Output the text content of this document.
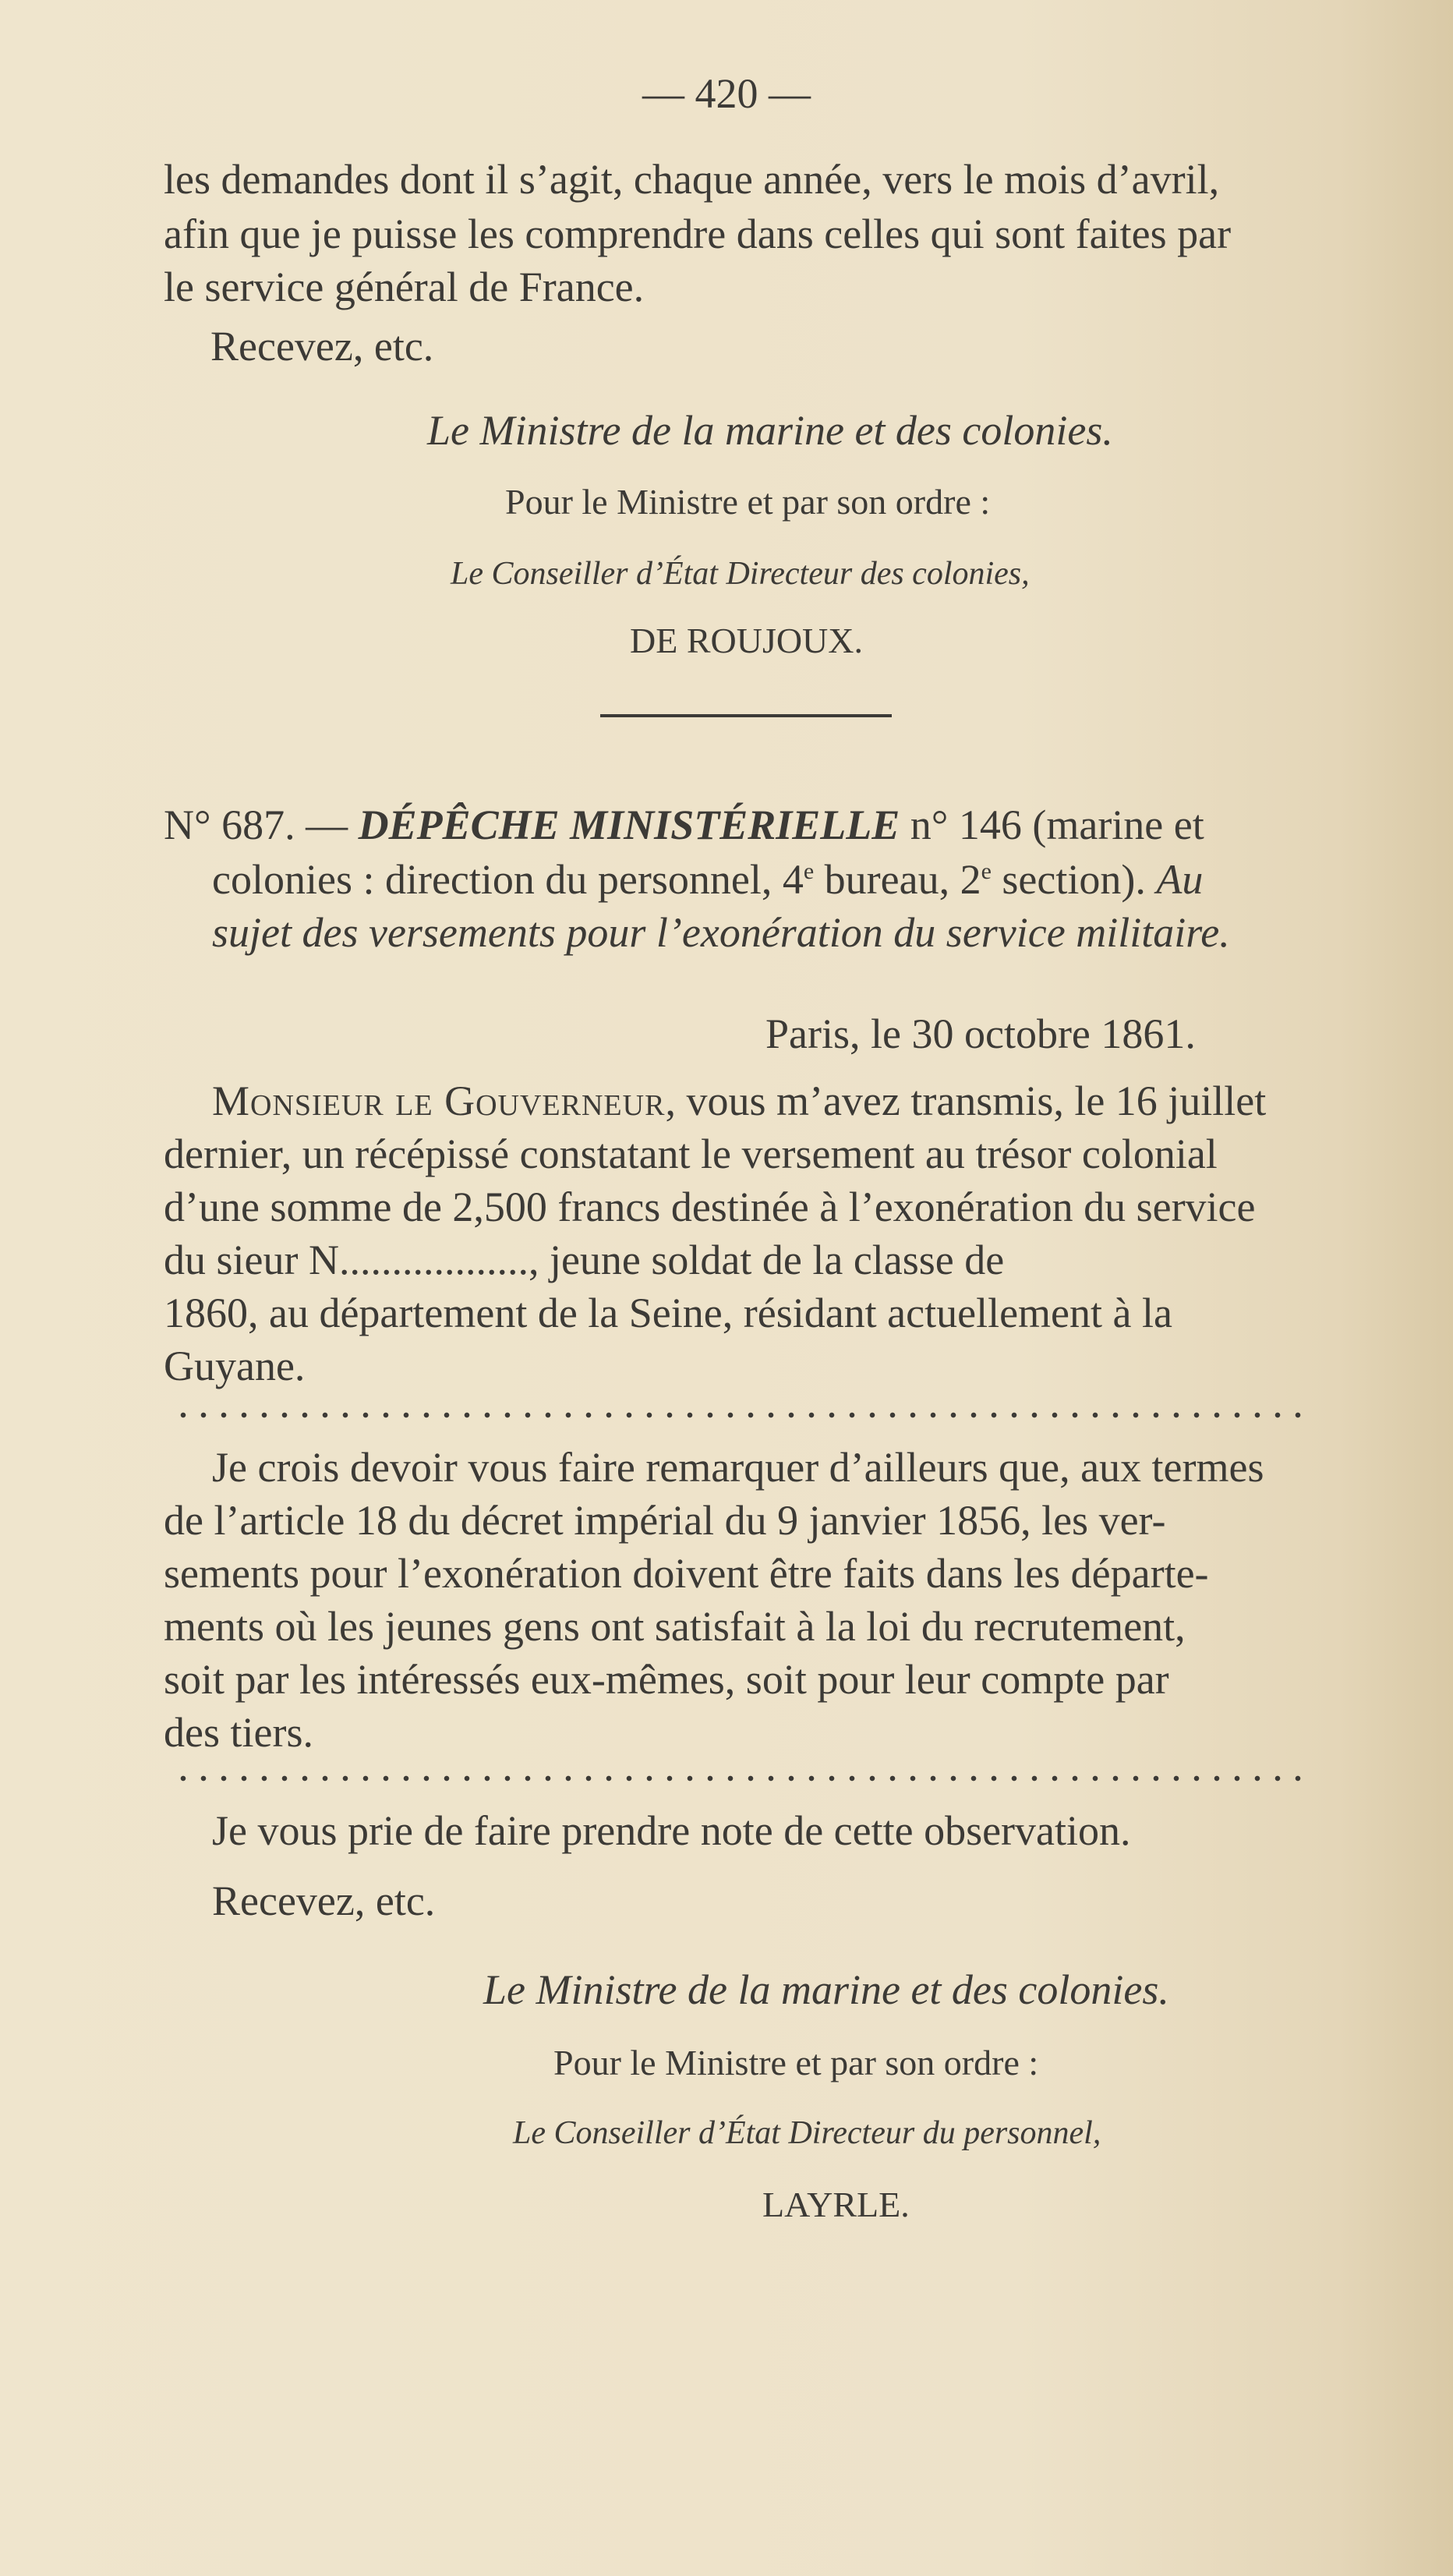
— 420 —
les demandes dont il s’agit, chaque année, vers le mois d’avril,
afin que je puisse les comprendre dans celles qui sont faites par
le service général de France.
Recevez, etc.
Le Ministre de la marine et des colonies.
Pour le Ministre et par son ordre :
Le Conseiller d’État Directeur des colonies,
DE ROUJOUX.
N° 687. — DÉPÊCHE MINISTÉRIELLE n° 146 (marine et
colonies : direction du personnel, 4e bureau, 2e section). Au
sujet des versements pour l’exonération du service militaire.
Paris, le 30 octobre 1861.
Monsieur le Gouverneur, vous m’avez transmis, le 16 juillet
dernier, un récépissé constatant le versement au trésor colonial
d’une somme de 2,500 francs destinée à l’exonération du service
du sieur N.................., jeune soldat de la classe de
1860, au département de la Seine, résidant actuellement à la
Guyane.
Je crois devoir vous faire remarquer d’ailleurs que, aux termes
de l’article 18 du décret impérial du 9 janvier 1856, les ver-
sements pour l’exonération doivent être faits dans les départe-
ments où les jeunes gens ont satisfait à la loi du recrutement,
soit par les intéressés eux-mêmes, soit pour leur compte par
des tiers.
Je vous prie de faire prendre note de cette observation.
Recevez, etc.
Le Ministre de la marine et des colonies.
Pour le Ministre et par son ordre :
Le Conseiller d’État Directeur du personnel,
LAYRLE.
